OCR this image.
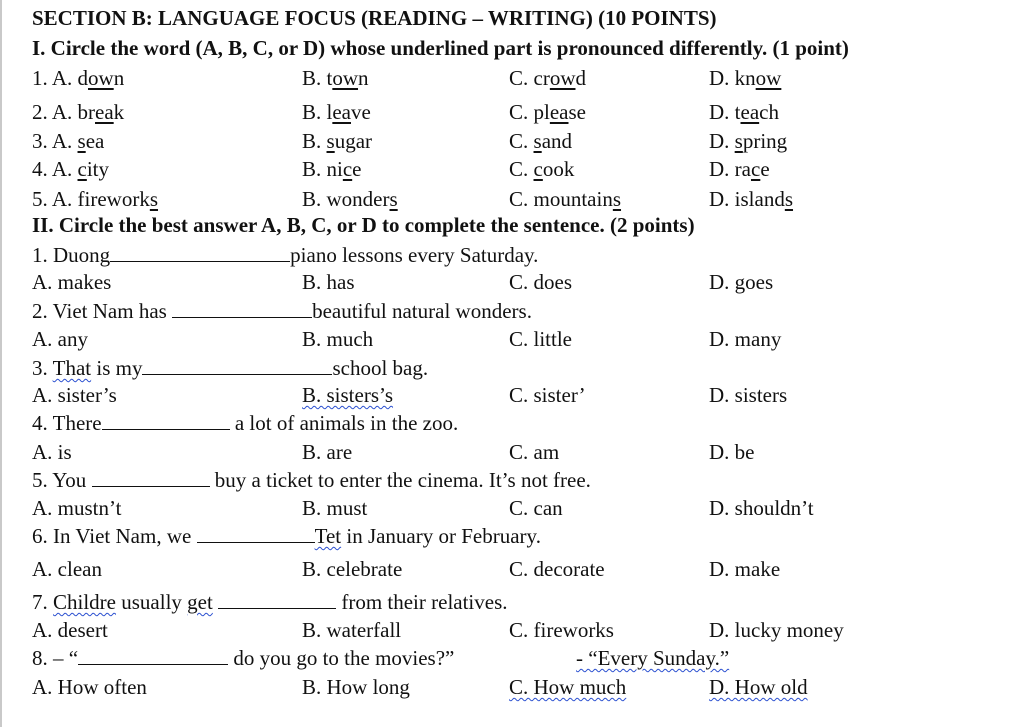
SECTION B: LANGUAGE FOCUS (READING – WRITING) (10 POINTS)
I. Circle the word (A, B, C, or D) whose underlined part is pronounced differently. (1 point)
1. A. down	B. town	C. crowd	D. know
2. A. break	B. leave	C. please	D. teach
3. A. sea	B. sugar	C. sand	D. spring
4. A. city	B. nice	C. cook	D. race
5. A. fireworks	B. wonders	C. mountains	D. islands
II. Circle the best answer A, B, C, or D to complete the sentence. (2 points)
1. Duong	piano lessons every Saturday.
A. makes	B. has	C. does	D. goes
2. Viet Nam has	beautiful natural wonders.
A. any	B. much	C. little	D. many
3. That is my	school bag.
A. sister’s	B. sisters’s	C. sister’	D. sisters
4. There	a lot of animals in the zoo.
A. is	B. are	C. am	D. be
5. You	buy a ticket to enter the cinema. It’s not free.
A. mustn’t	B. must	C. can	D. shouldn’t
6. In Viet Nam, we	Tet in January or February.
A. clean	B. celebrate	C. decorate	D. make
7. Childre usually get	from their relatives.
A. desert	B. waterfall	C. fireworks	D. lucky money
8. – “	do you go to the movies?”	- “Every Sunday.”
A. How often	B. How long	C. How much	D. How old
